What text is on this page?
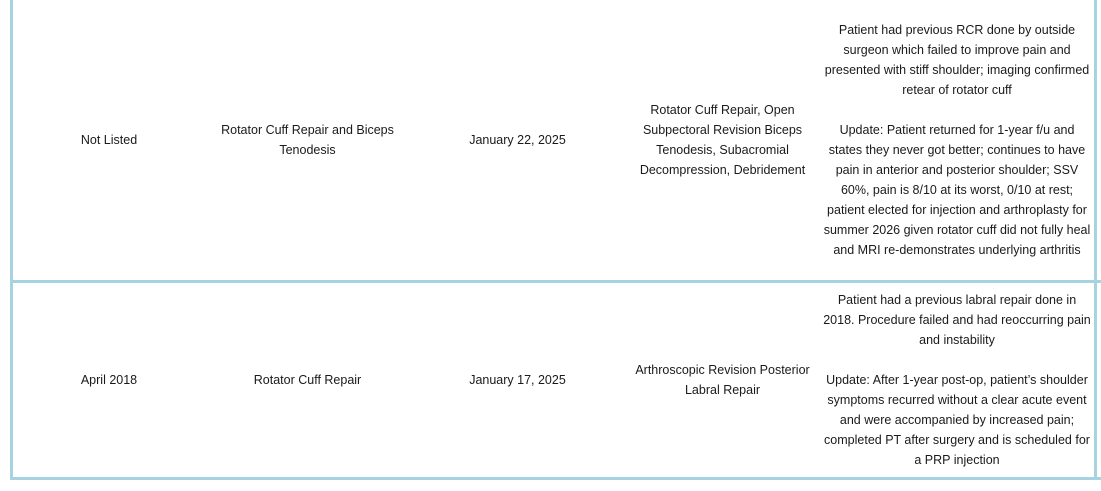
Not Listed

Rotator Cuff Repair and Biceps Tenodesis

January 22, 2025

Rotator Cuff Repair, Open Subpectoral Revision Biceps Tenodesis, Subacromial Decompression, Debridement

Patient had previous RCR done by outside surgeon which failed to improve pain and presented with stiff shoulder; imaging confirmed retear of rotator cuff

Update: Patient returned for 1-year f/u and states they never got better; continues to have pain in anterior and posterior shoulder; SSV 60%, pain is 8/10 at its worst, 0/10 at rest; patient elected for injection and arthroplasty for summer 2026 given rotator cuff did not fully heal and MRI re-demonstrates underlying arthritis

April 2018	Rotator Cuff Repair	January 17, 2025

Arthroscopic Revision Posterior Labral Repair

Patient had a previous labral repair done in 2018. Procedure failed and had reoccurring pain and instability

Update: After 1-year post-op, patient’s shoulder symptoms recurred without a clear acute event and were accompanied by increased pain; completed PT after surgery and is scheduled for a PRP injection
